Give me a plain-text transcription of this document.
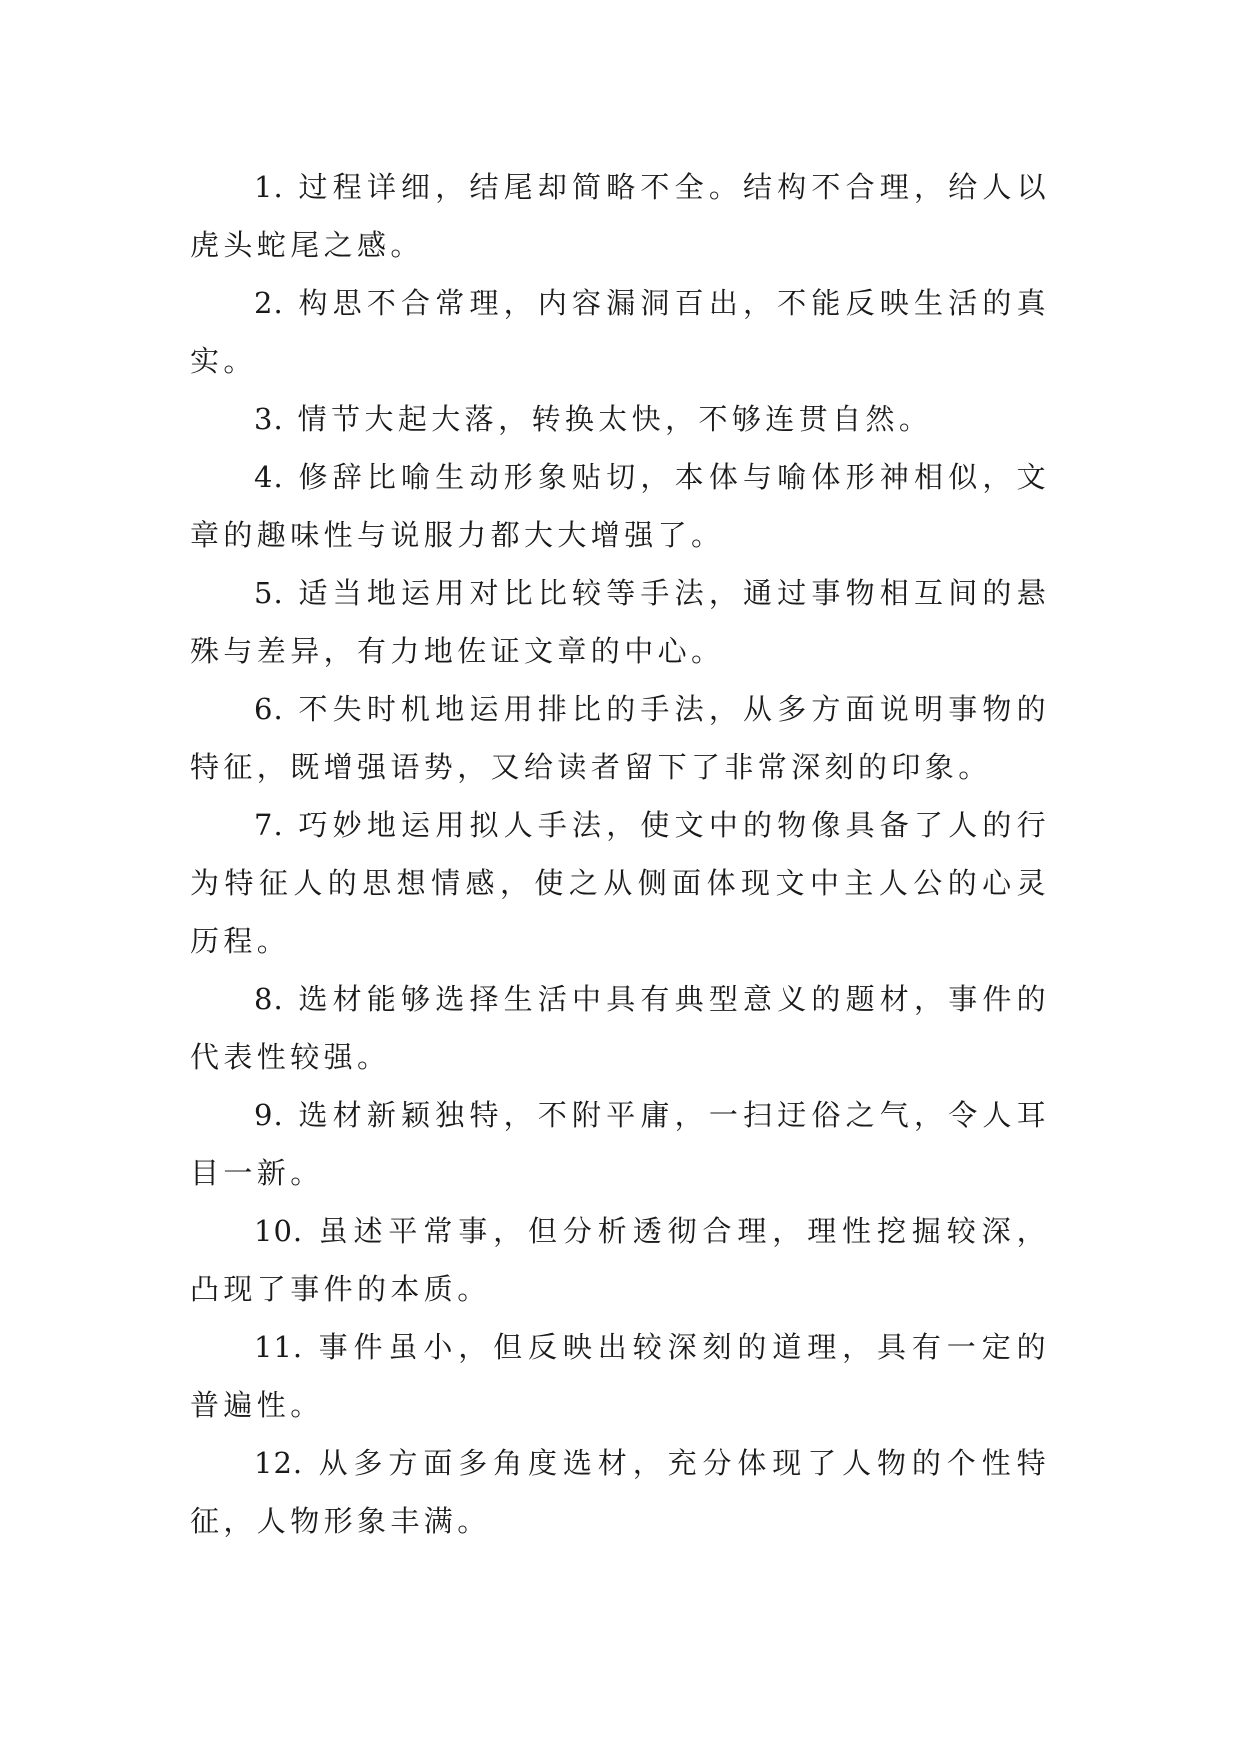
1. 过程详细，结尾却简略不全。结构不合理，给人以虎头蛇尾之感。

2. 构思不合常理，内容漏洞百出，不能反映生活的真实。

3. 情节大起大落，转换太快，不够连贯自然。

4. 修辞比喻生动形象贴切，本体与喻体形神相似，文章的趣味性与说服力都大大增强了。

5. 适当地运用对比比较等手法，通过事物相互间的悬殊与差异，有力地佐证文章的中心。

6. 不失时机地运用排比的手法，从多方面说明事物的特征，既增强语势，又给读者留下了非常深刻的印象。

7. 巧妙地运用拟人手法，使文中的物像具备了人的行为特征人的思想情感，使之从侧面体现文中主人公的心灵历程。

8. 选材能够选择生活中具有典型意义的题材，事件的代表性较强。

9. 选材新颖独特，不附平庸，一扫迂俗之气，令人耳目一新。

10. 虽述平常事，但分析透彻合理，理性挖掘较深，凸现了事件的本质。

11. 事件虽小，但反映出较深刻的道理，具有一定的普遍性。

12. 从多方面多角度选材，充分体现了人物的个性特征，人物形象丰满。
